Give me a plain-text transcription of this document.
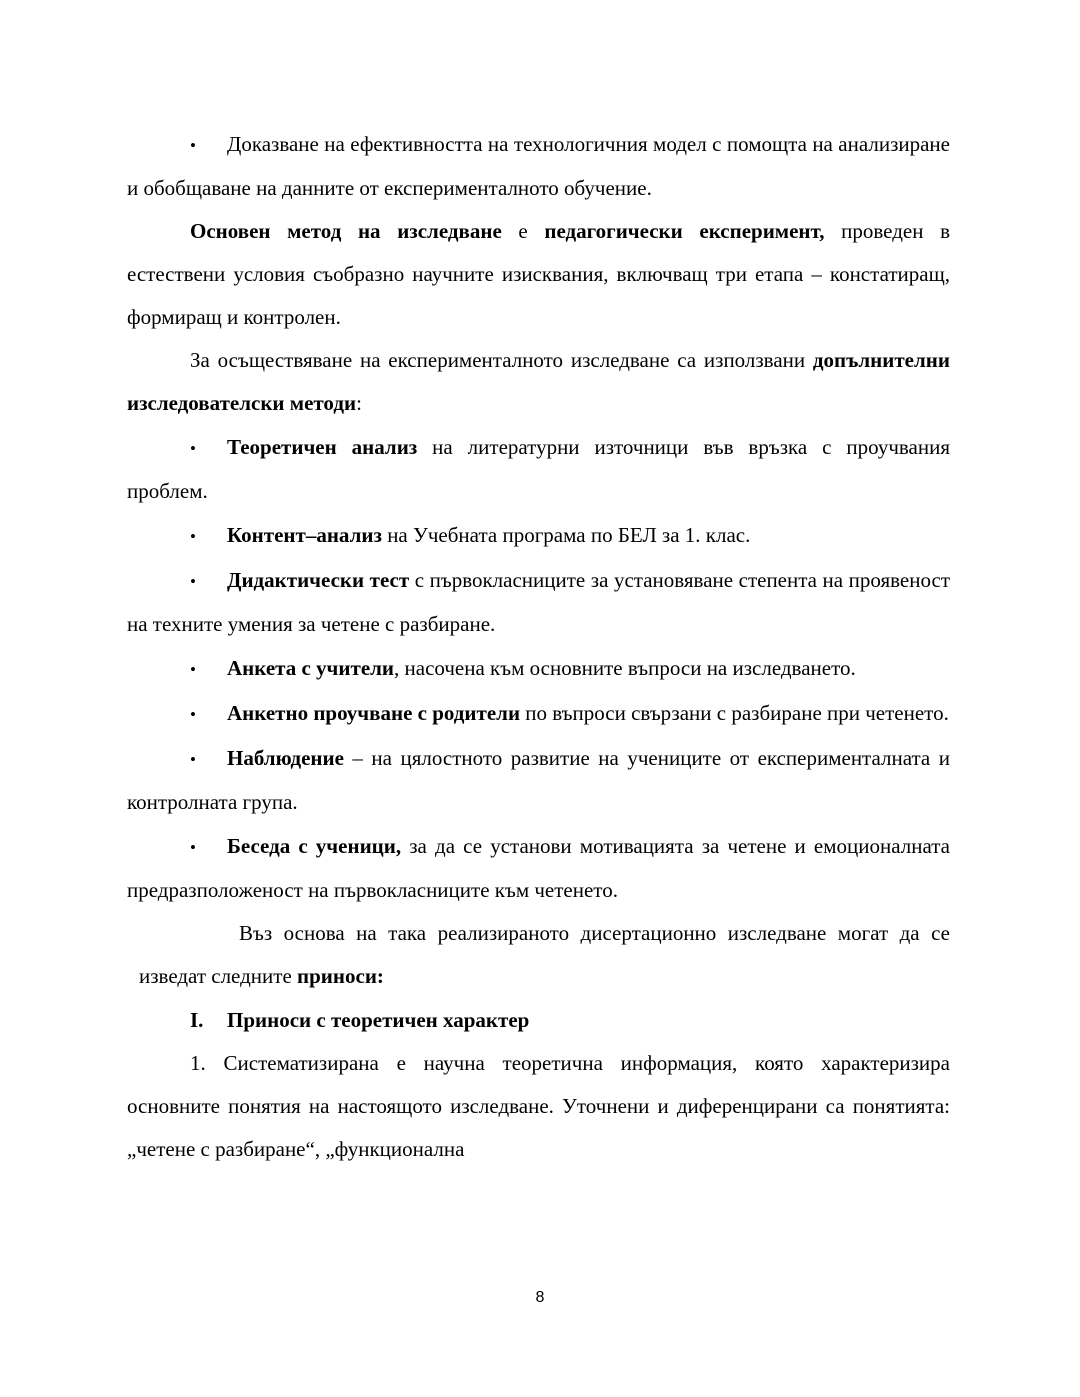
• Доказване на ефективността на технологичния модел с помощта на анализиране и обобщаване на данните от експерименталното обучение.

Основен метод на изследване е педагогически експеримент, проведен в естествени условия съобразно научните изисквания, включващ три етапа – констатиращ, формиращ и контролен.

За осъществяване на експерименталното изследване са използвани допълнителни изследователски методи:

• Теоретичен анализ на литературни източници във връзка с проучвания проблем.

• Контент–анализ на Учебната програма по БЕЛ за 1. клас.

• Дидактически тест с първокласниците за установяване степента на проявеност на техните умения за четене с разбиране.

• Анкета с учители, насочена към основните въпроси на изследването.

• Анкетно проучване с родители по въпроси свързани с разбиране при четенето.

• Наблюдение – на цялостното развитие на учениците от експерименталната и контролната група.

• Беседа с ученици, за да се установи мотивацията за четене и емоционалната предразположеност на първокласниците към четенето.

Въз основа на така реализираното дисертационно изследване могат да се изведат следните приноси:

I. Приноси с теоретичен характер

1. Систематизирана е научна теоретична информация, която характеризира основните понятия на настоящото изследване. Уточнени и диференцирани са понятията: „четене с разбиране“, „функционална

8
